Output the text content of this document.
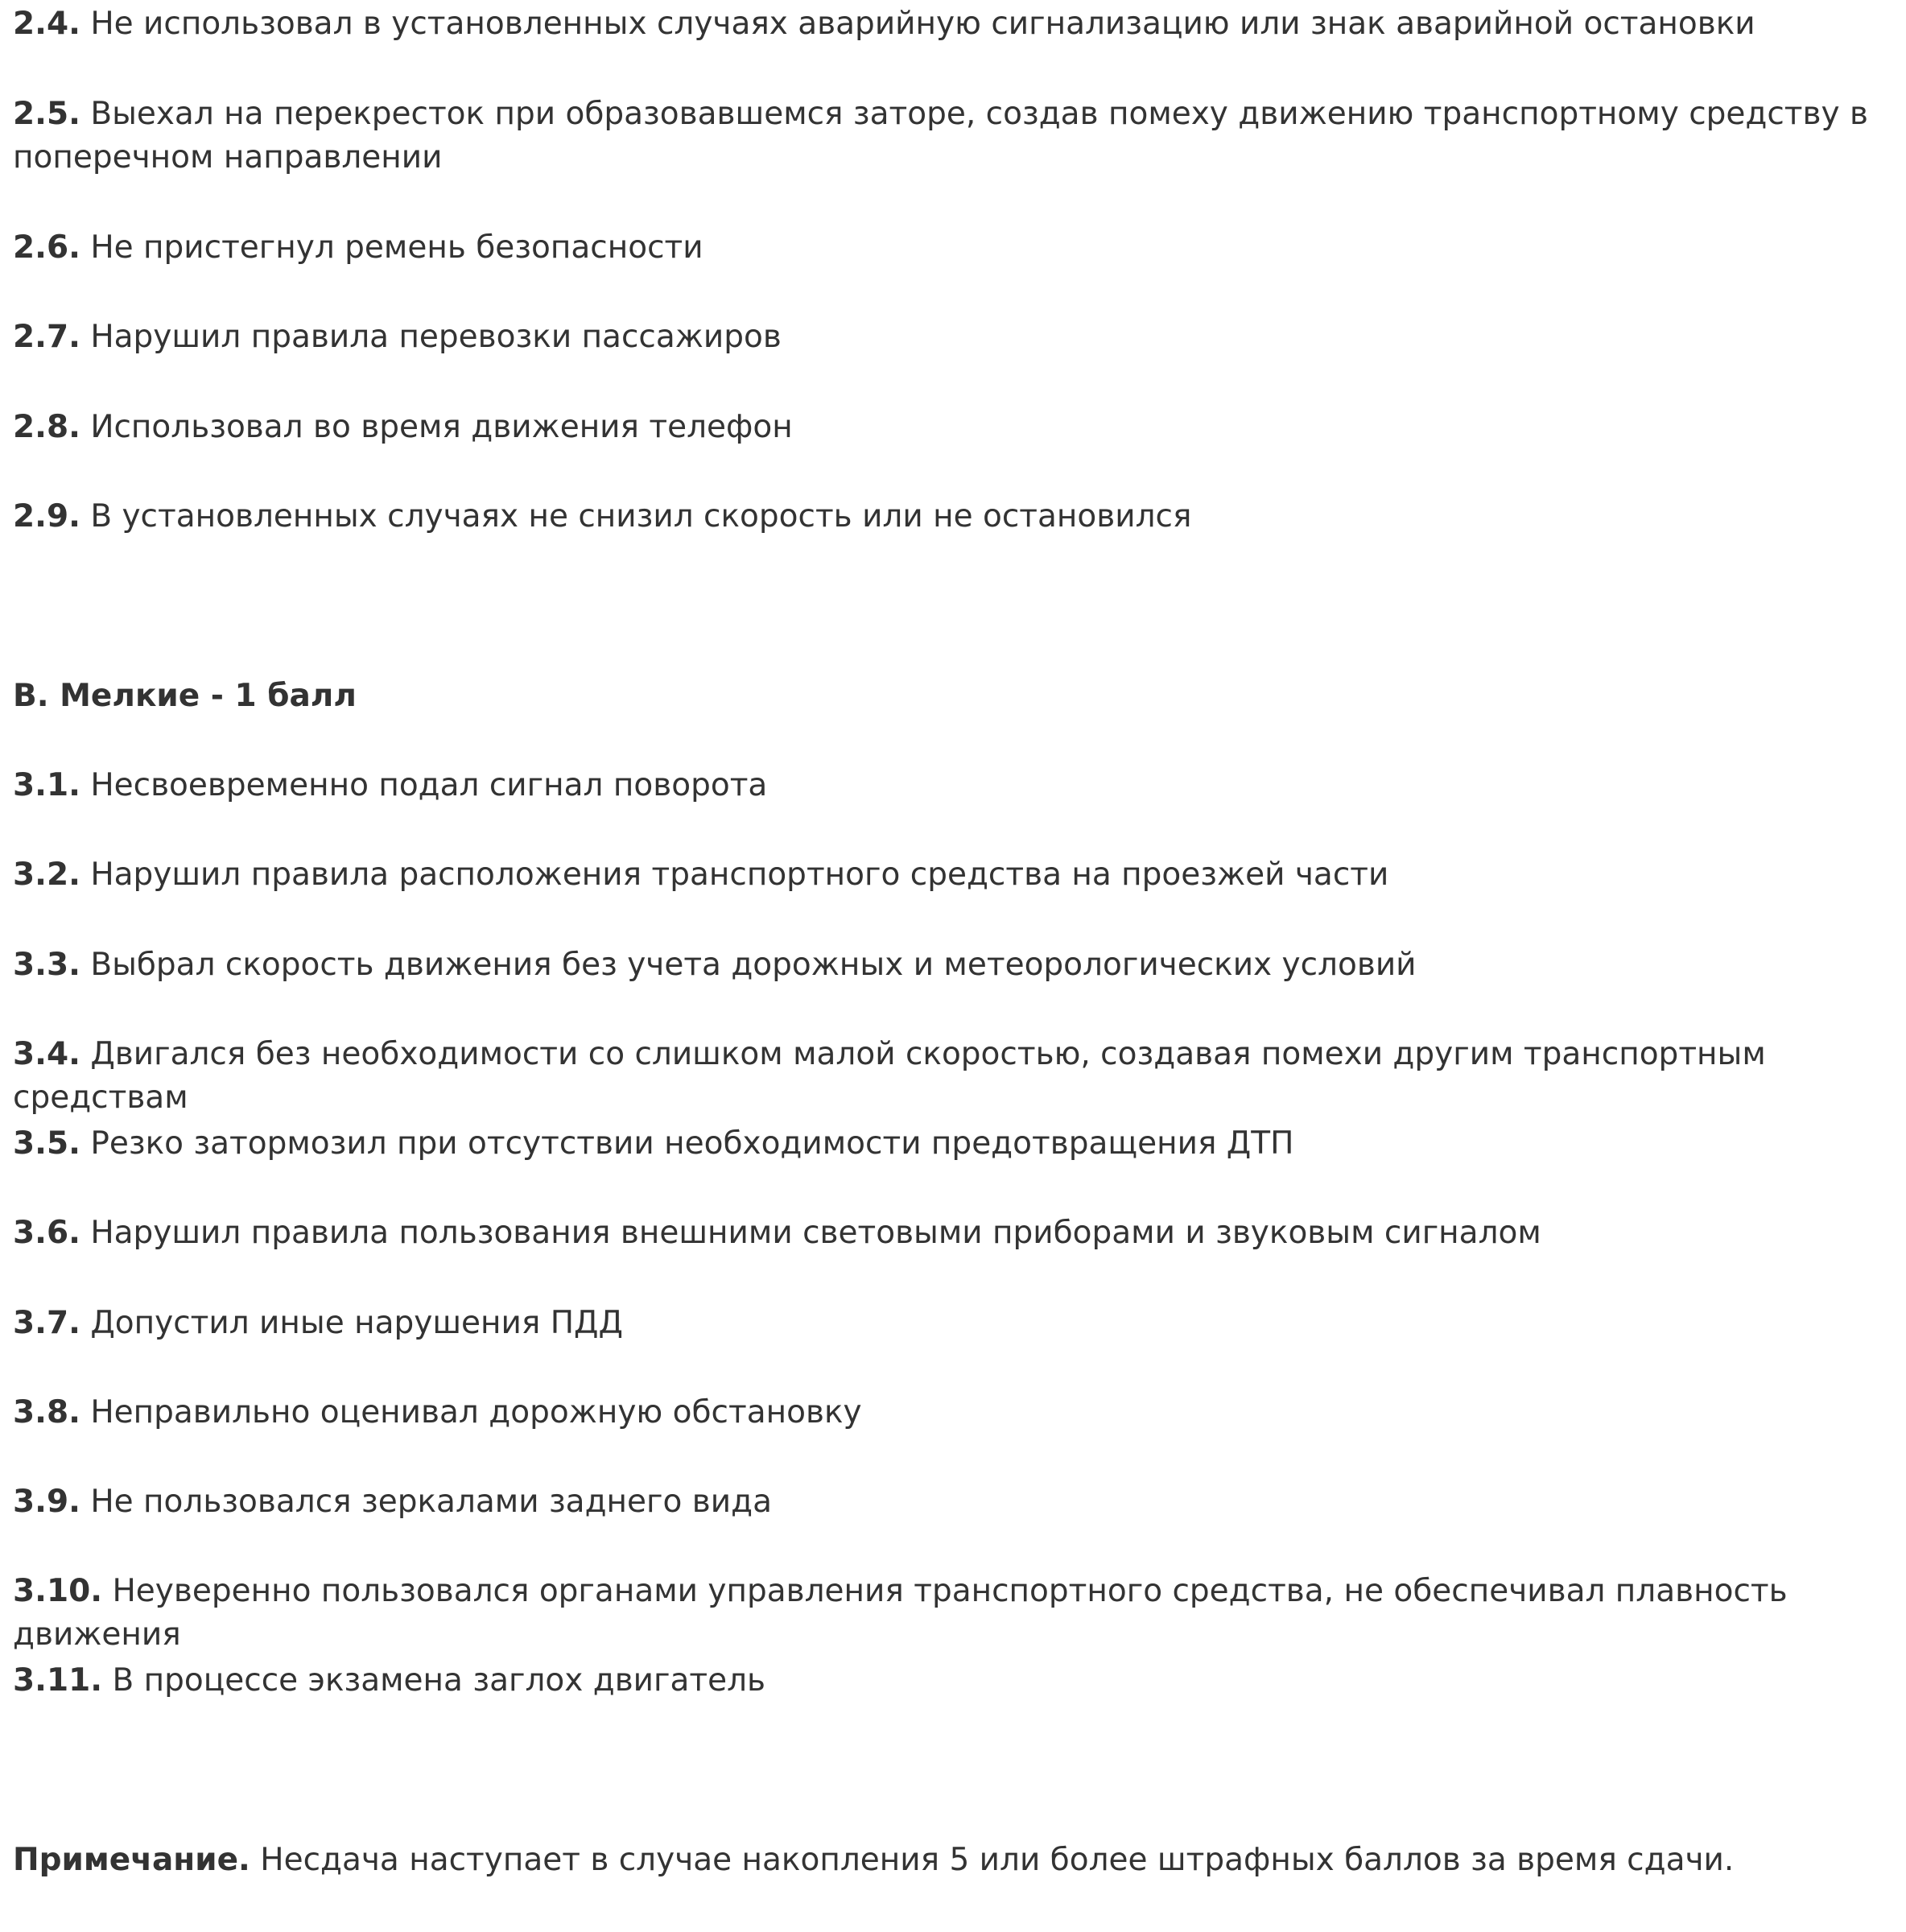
2.4. Не использовал в установленных случаях аварийную сигнализацию или знак аварийной остановки
2.5. Выехал на перекресток при образовавшемся заторе, создав помеху движению транспортному средству в поперечном направлении
2.6. Не пристегнул ремень безопасности
2.7. Нарушил правила перевозки пассажиров
2.8. Использовал во время движения телефон
2.9. В установленных случаях не снизил скорость или не остановился
В. Мелкие - 1 балл
3.1. Несвоевременно подал сигнал поворота
3.2. Нарушил правила расположения транспортного средства на проезжей части
3.3. Выбрал скорость движения без учета дорожных и метеорологических условий
3.4. Двигался без необходимости со слишком малой скоростью, создавая помехи другим транспортным средствам
3.5. Резко затормозил при отсутствии необходимости предотвращения ДТП
3.6. Нарушил правила пользования внешними световыми приборами и звуковым сигналом
3.7. Допустил иные нарушения ПДД
3.8. Неправильно оценивал дорожную обстановку
3.9. Не пользовался зеркалами заднего вида
3.10. Неуверенно пользовался органами управления транспортного средства, не обеспечивал плавность движения
3.11. В процессе экзамена заглох двигатель
Примечание. Несдача наступает в случае накопления 5 или более штрафных баллов за время сдачи.
